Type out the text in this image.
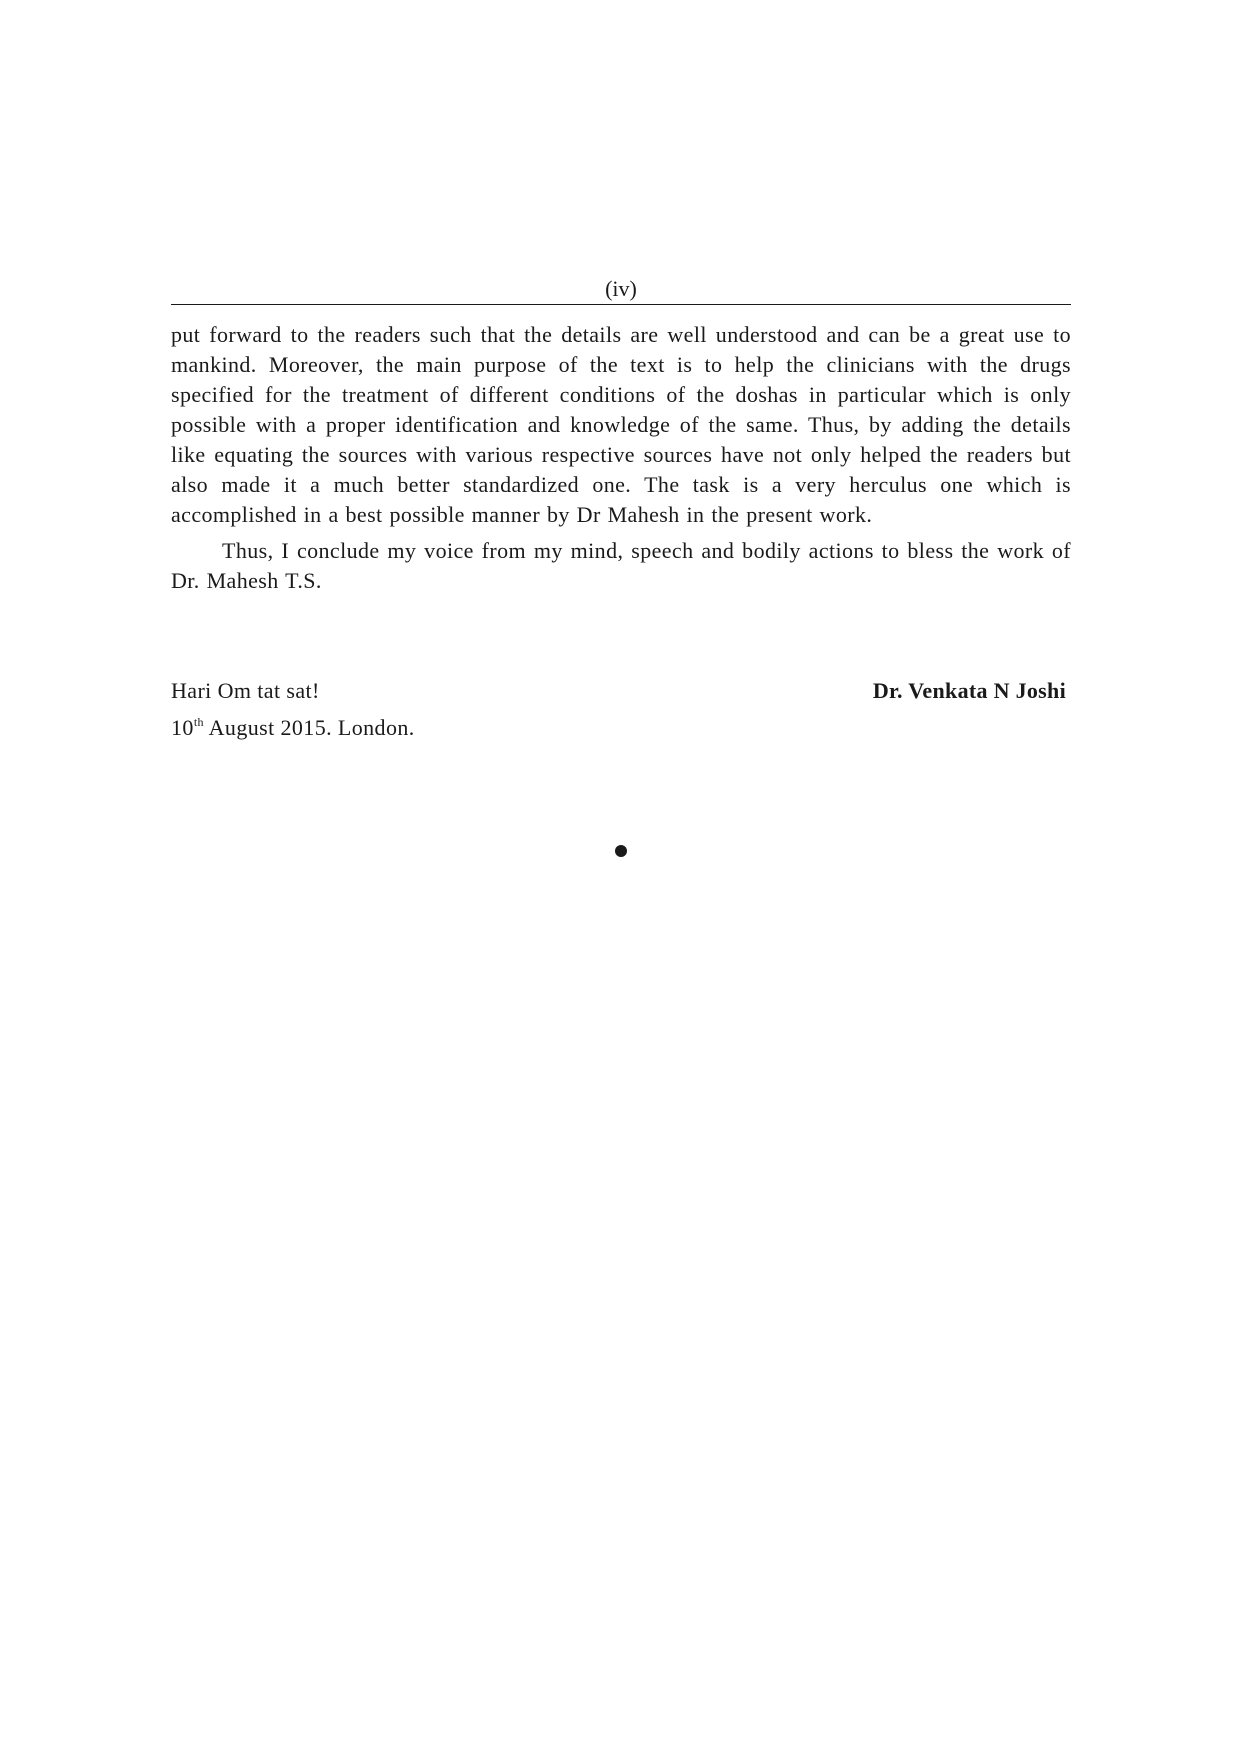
(iv)

put forward to the readers such that the details are well understood and can be a great use to mankind. Moreover, the main purpose of the text is to help the clinicians with the drugs specified for the treatment of different conditions of the doshas in particular which is only possible with a proper identification and knowledge of the same. Thus, by adding the details like equating the sources with various respective sources have not only helped the readers but also made it a much better standardized one. The task is a very herculus one which is accomplished in a best possible manner by Dr Mahesh in the present work.

Thus, I conclude my voice from my mind, speech and bodily actions to bless the work of Dr. Mahesh T.S.

Hari Om tat sat!
10th August 2015. London.
Dr. Venkata N Joshi
